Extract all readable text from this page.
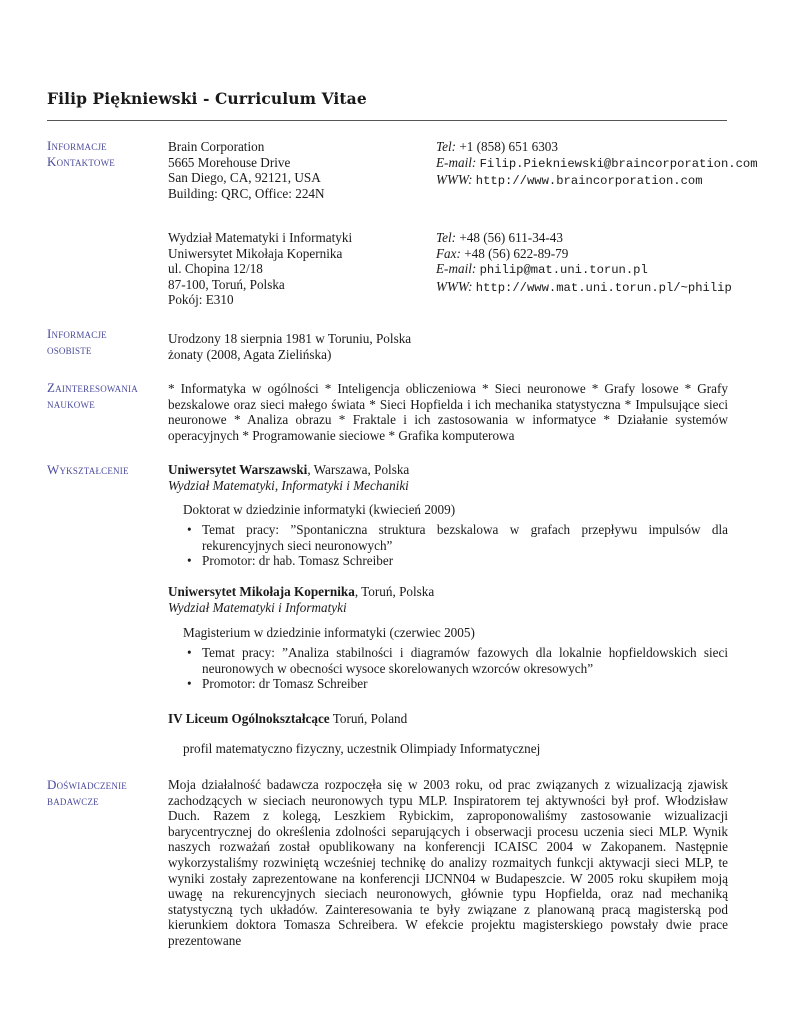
Filip Piękniewski - Curriculum Vitae
Informacje
Kontaktowe
Brain Corporation
5665 Morehouse Drive
San Diego, CA, 92121, USA
Building: QRC, Office: 224N
Tel: +1 (858) 651 6303
E-mail: Filip.Piekniewski@braincorporation.com
WWW: http://www.braincorporation.com
Wydział Matematyki i Informatyki
Uniwersytet Mikołaja Kopernika
ul. Chopina 12/18
87-100, Toruń, Polska
Pokój: E310
Tel: +48 (56) 611-34-43
Fax: +48 (56) 622-89-79
E-mail: philip@mat.uni.torun.pl
WWW: http://www.mat.uni.torun.pl/~philip
Informacje
osobiste
Urodzony 18 sierpnia 1981 w Toruniu, Polska
żonaty (2008, Agata Zielińska)
Zainteresowania
naukowe
* Informatyka w ogólności * Inteligencja obliczeniowa * Sieci neuronowe * Grafy losowe * Grafy bezskalowe oraz sieci małego świata * Sieci Hopfielda i ich mechanika statystyczna * Impulsujące sieci neuronowe * Analiza obrazu * Fraktale i ich zastosowania w informatyce * Działanie systemów operacyjnych * Programowanie sieciowe * Grafika komputerowa
Wykształcenie	Uniwersytet Warszawski, Warszawa, Polska
Wydział Matematyki, Informatyki i Mechaniki
Doktorat w dziedzinie informatyki (kwiecień 2009)
• Temat pracy: ”Spontaniczna struktura bezskalowa w grafach przepływu impulsów dla rekurencyjnych sieci neuronowych”
• Promotor: dr hab. Tomasz Schreiber
Uniwersytet Mikołaja Kopernika, Toruń, Polska
Wydział Matematyki i Informatyki
Magisterium w dziedzinie informatyki (czerwiec 2005)
• Temat pracy: ”Analiza stabilności i diagramów fazowych dla lokalnie hopfieldowskich sieci neuronowych w obecności wysoce skorelowanych wzorców okresowych”
• Promotor: dr Tomasz Schreiber
IV Liceum Ogólnokształcące Toruń, Poland
profil matematyczno fizyczny, uczestnik Olimpiady Informatycznej
Doświadczenie
badawcze
Moja działalność badawcza rozpoczęła się w 2003 roku, od prac związanych z wizualizacją zjawisk zachodzących w sieciach neuronowych typu MLP. Inspiratorem tej aktywności był prof. Włodzisław Duch. Razem z kolegą, Leszkiem Rybickim, zaproponowaliśmy zastosowanie wizualizacji barycentrycznej do określenia zdolności separujących i obserwacji procesu uczenia sieci MLP. Wynik naszych rozważań został opublikowany na konferencji ICAISC 2004 w Zakopanem. Następnie wykorzystaliśmy rozwiniętą wcześniej technikę do analizy rozmaitych funkcji aktywacji sieci MLP, te wyniki zostały zaprezentowane na konferencji IJCNN04 w Budapeszcie. W 2005 roku skupiłem moją uwagę na rekurencyjnych sieciach neuronowych, głównie typu Hopfielda, oraz nad mechaniką statystyczną tych układów. Zainteresowania te były związane z planowaną pracą magisterską pod kierunkiem doktora Tomasza Schreibera. W efekcie projektu magisterskiego powstały dwie prace prezentowane
